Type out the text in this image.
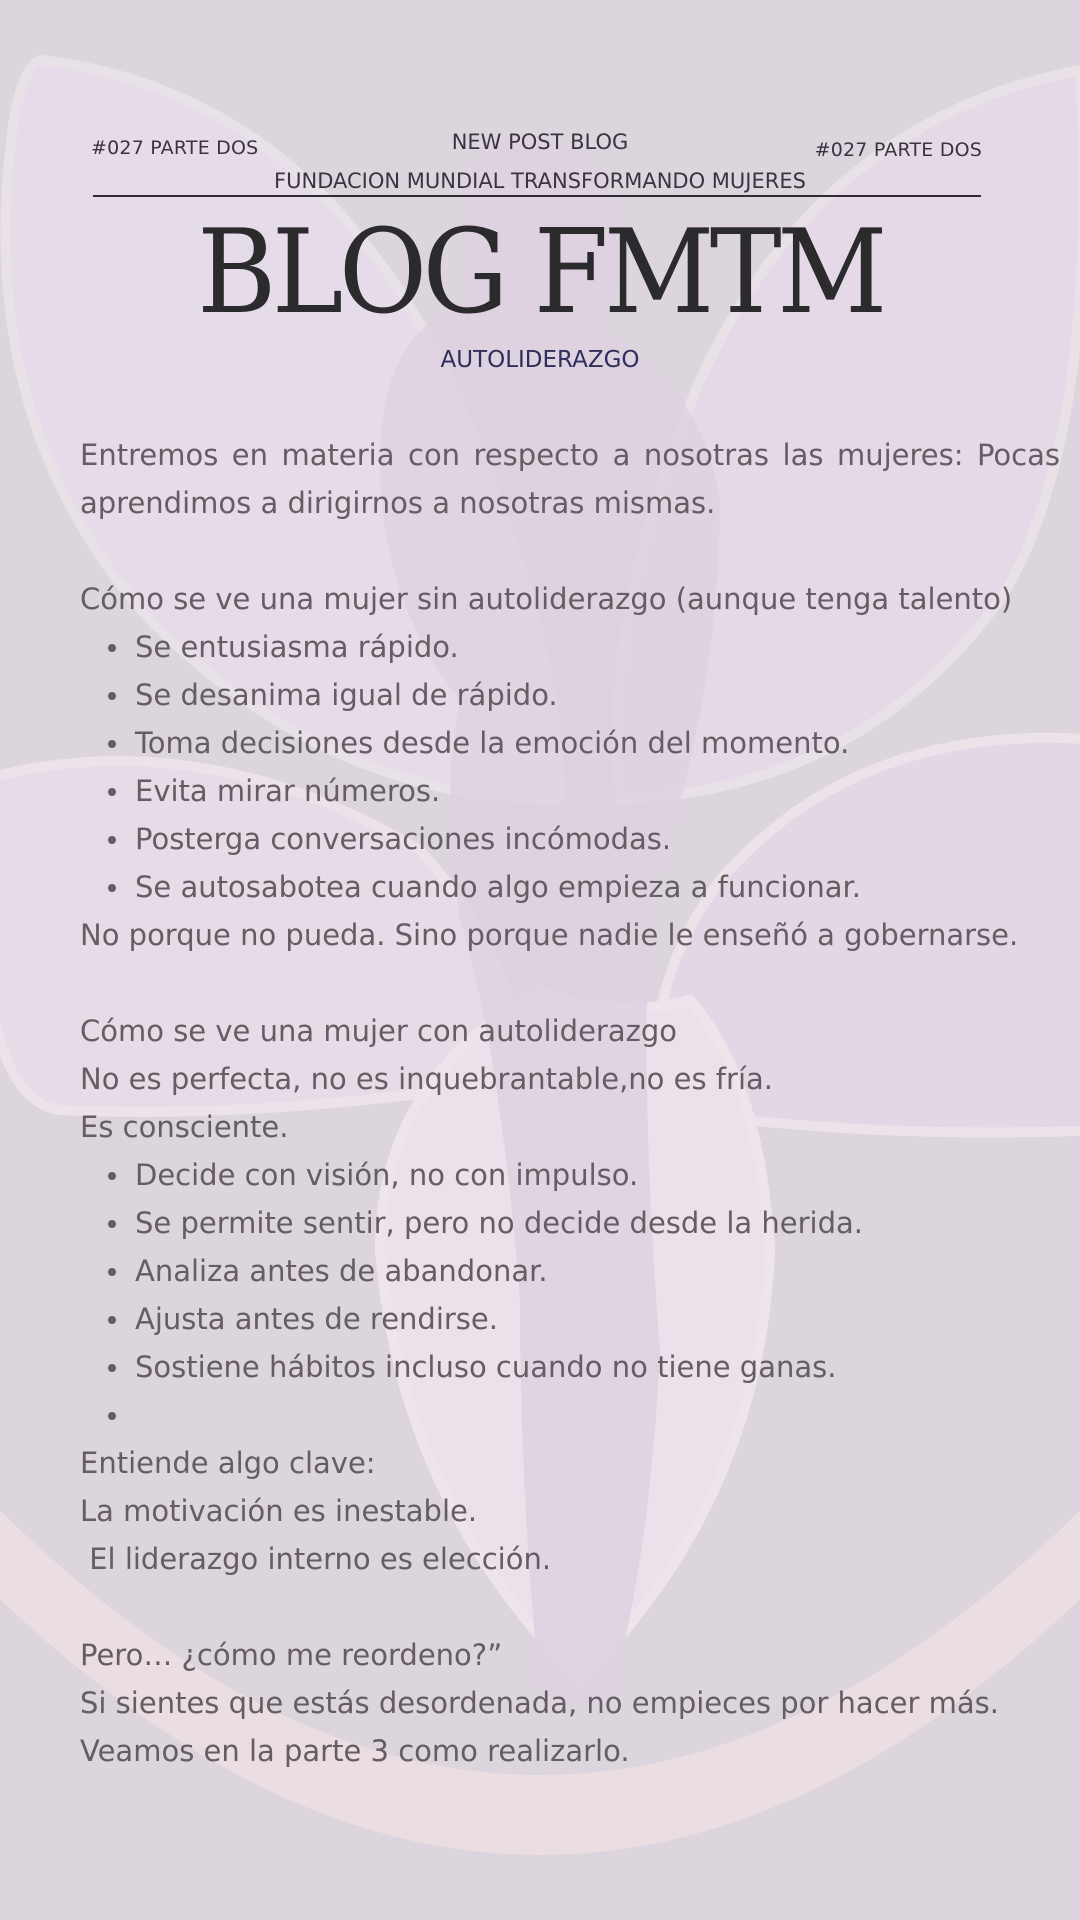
#027 PARTE DOS	#027 PARTE DOS
NEW POST BLOG
FUNDACION MUNDIAL TRANSFORMANDO MUJERES
BLOG FMTM
AUTOLIDERAZGO

Entremos en materia con respecto a nosotras las mujeres: Pocas aprendimos a dirigirnos a nosotras mismas.

Cómo se ve una mujer sin autoliderazgo (aunque tenga talento)

Se entusiasma rápido.
Se desanima igual de rápido.
Toma decisiones desde la emoción del momento.
Evita mirar números.
Posterga conversaciones incómodas.
Se autosabotea cuando algo empieza a funcionar.

No porque no pueda. Sino porque nadie le enseñó a gobernarse.

Cómo se ve una mujer con autoliderazgo

No es perfecta, no es inquebrantable,no es fría.

Es consciente.

Decide con visión, no con impulso.
Se permite sentir, pero no decide desde la herida.
Analiza antes de abandonar.
Ajusta antes de rendirse.
Sostiene hábitos incluso cuando no tiene ganas.

Entiende algo clave:

La motivación es inestable.

El liderazgo interno es elección.

Pero… ¿cómo me reordeno?”

Si sientes que estás desordenada, no empieces por hacer más.

Veamos en la parte 3 como realizarlo.
